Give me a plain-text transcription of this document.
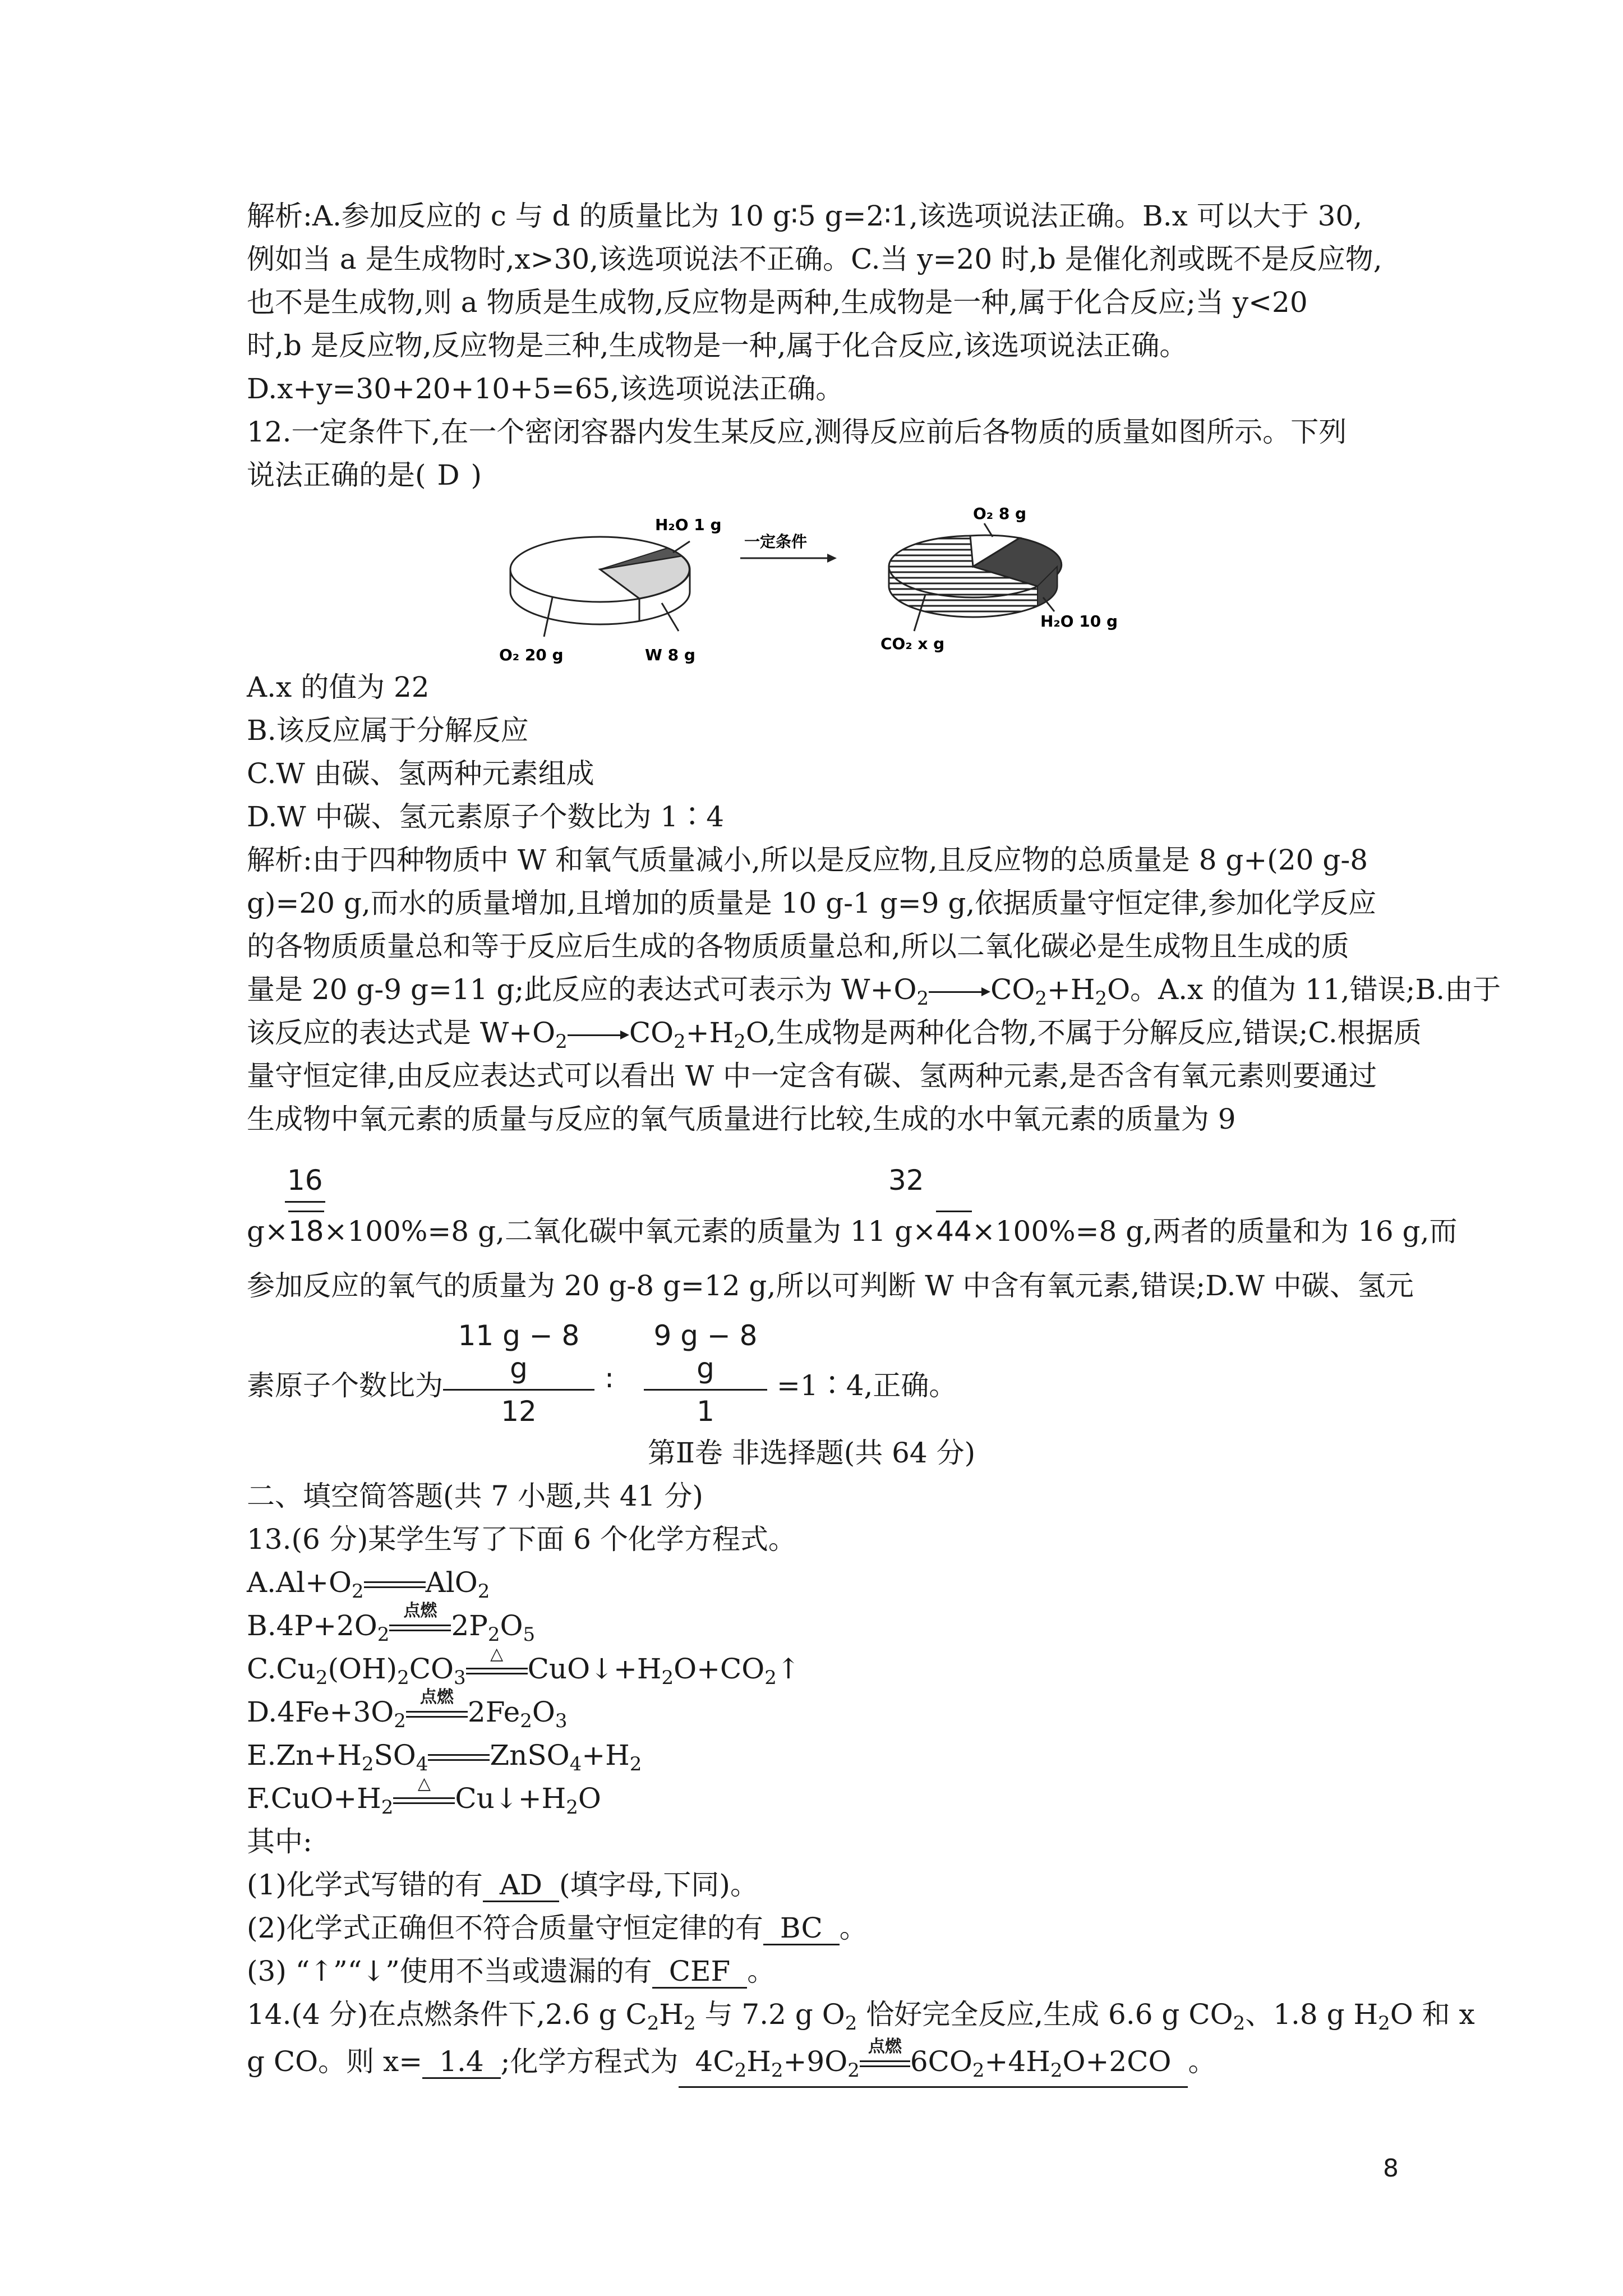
解析:A.参加反应的 c 与 d 的质量比为 10 g∶5 g=2∶1,该选项说法正确。B.x 可以大于 30,
例如当 a 是生成物时,x>30,该选项说法不正确。C.当 y=20 时,b 是催化剂或既不是反应物,
也不是生成物,则 a 物质是生成物,反应物是两种,生成物是一种,属于化合反应;当 y<20
时,b 是反应物,反应物是三种,生成物是一种,属于化合反应,该选项说法正确。
D.x+y=30+20+10+5=65,该选项说法正确。
12.一定条件下,在一个密闭容器内发生某反应,测得反应前后各物质的质量如图所示。下列
说法正确的是( D )
H₂O 1 g
O₂ 20 g	W 8 g
一定条件
O₂ 8 g
H₂O 10 g
CO₂ x g
A.x 的值为 22
B.该反应属于分解反应
C.W 由碳、氢两种元素组成
D.W 中碳、氢元素原子个数比为 1∶4
解析:由于四种物质中 W 和氧气质量减小,所以是反应物,且反应物的总质量是 8 g+(20 g-8
g)=20 g,而水的质量增加,且增加的质量是 10 g-1 g=9 g,依据质量守恒定律,参加化学反应
的各物质质量总和等于反应后生成的各物质质量总和,所以二氧化碳必是生成物且生成的质
量是 20 g-9 g=11 g;此反应的表达式可表示为 $W+O_2$ $CO_2+H_2O$。A.x 的值为 11,错误;B.由于
该反应的表达式是 $W+O_2$ $CO_2+H_2O$,生成物是两种化合物,不属于分解反应,错误;C.根据质
量守恒定律,由反应表达式可以看出 W 中一定含有碳、氢两种元素,是否含有氧元素则要通过
生成物中氧元素的质量与反应的氧气质量进行比较,生成的水中氧元素的质量为 9
16	32
g×18×100%=8 g,二氧化碳中氧元素的质量为 11 g×44×100%=8 g,两者的质量和为 16 g,而
参加反应的氧气的质量为 20 g-8 g=12 g,所以可判断 W 中含有氧元素,错误;D.W 中碳、氢元
11 g − 8 g
12
∶
9 g − 8 g
1
素原子个数比为	=1∶4,正确。
第Ⅱ卷 非选择题(共 64 分)
二、填空简答题(共 7 小题,共 41 分)
13.(6 分)某学生写了下面 6 个化学方程式。
$A.Al+O_2$ AlO$_2$
$B.4P+2O_2$
点燃 $2P_2O_5$
$C.Cu_2(OH)_2CO_3$
△ $CuO↓+H_2O+CO_2↑$
$D.4Fe+3O_2$
点燃 $2Fe_2O_3$
$E.Zn+H_2SO_4$ $ZnSO_4+H_2$
$F.CuO+H_2$
△ $Cu↓+H_2O$
其中:
(1)化学式写错的有 AD (填字母,下同)。
(2)化学式正确但不符合质量守恒定律的有 BC 。
(3) “↑”“↓”使用不当或遗漏的有 CEF 。
14.(4 分)在点燃条件下,2.6 g $C_2H_2$ 与 7.2 g $O_2$ 恰好完全反应,生成 6.6 g $CO_2$、1.8 g $H_2O$ 和 x
g CO。则 x= 1.4 ;化学方程式为 $4C_2H_2+9O_2$
点燃 $6CO_2+4H_2O+2CO$ 。
8
